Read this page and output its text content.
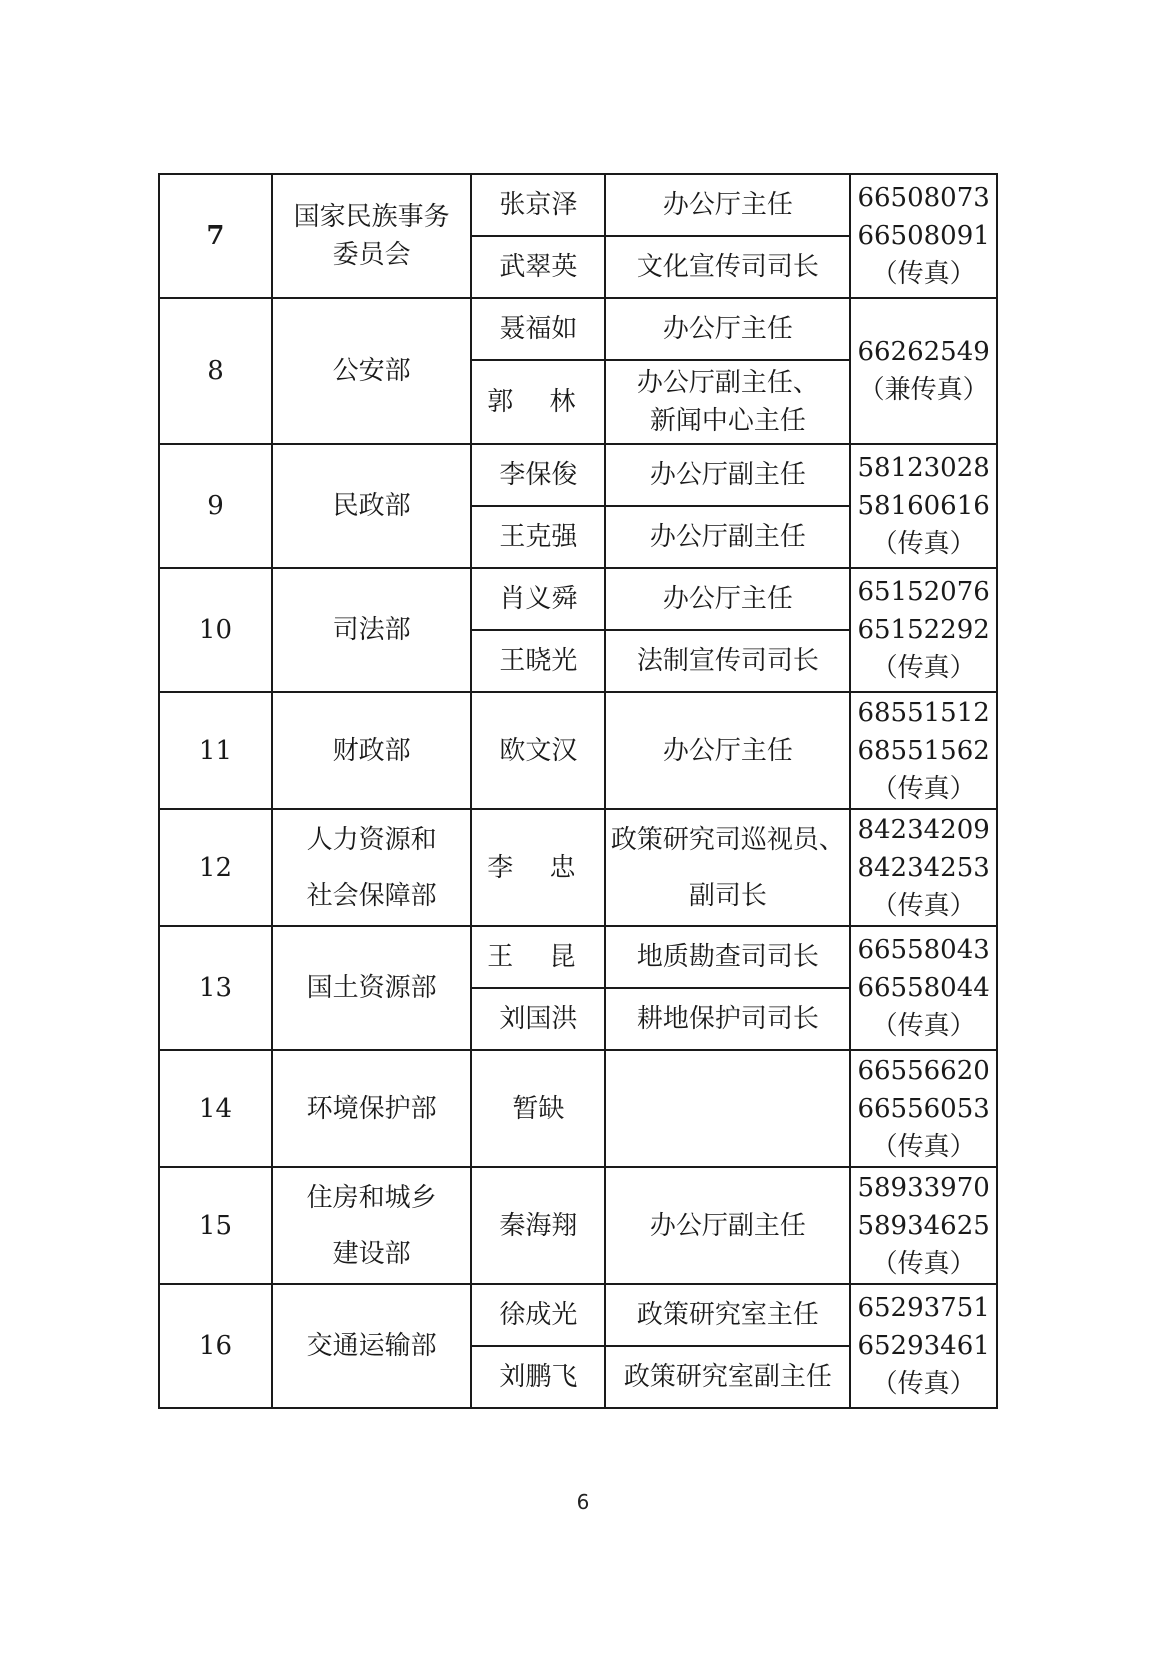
7	国家民族事务
委员会	张京泽	办公厅主任	66508073
66508091
（传真）

		武翠英	文化宣传司司长	
8	公安部	聂福如	办公厅主任	66262549
（兼传真）

		郭 林	办公厅副主任、
新闻中心主任	

9	民政部	李保俊	办公厅副主任	58123028
58160616
（传真）

		王克强	办公厅副主任	
10	司法部	肖义舜	办公厅主任	65152076
65152292
（传真）

		王晓光	法制宣传司司长	
11	财政部	欧文汉	办公厅主任	68551512
68551562
（传真）

12	人力资源和
社会保障部	李 忠	政策研究司巡视员、
副司长	84234209
84234253
（传真）

13	国土资源部	王 昆	地质勘查司司长	66558043
66558044
（传真）

		刘国洪	耕地保护司司长	
14	环境保护部	暂缺		66556620
66556053
（传真）

15	住房和城乡
建设部	秦海翔	办公厅副主任	58933970
58934625
（传真）

16	交通运输部	徐成光	政策研究室主任	65293751
65293461
（传真）

		刘鹏飞	政策研究室副主任	
6
